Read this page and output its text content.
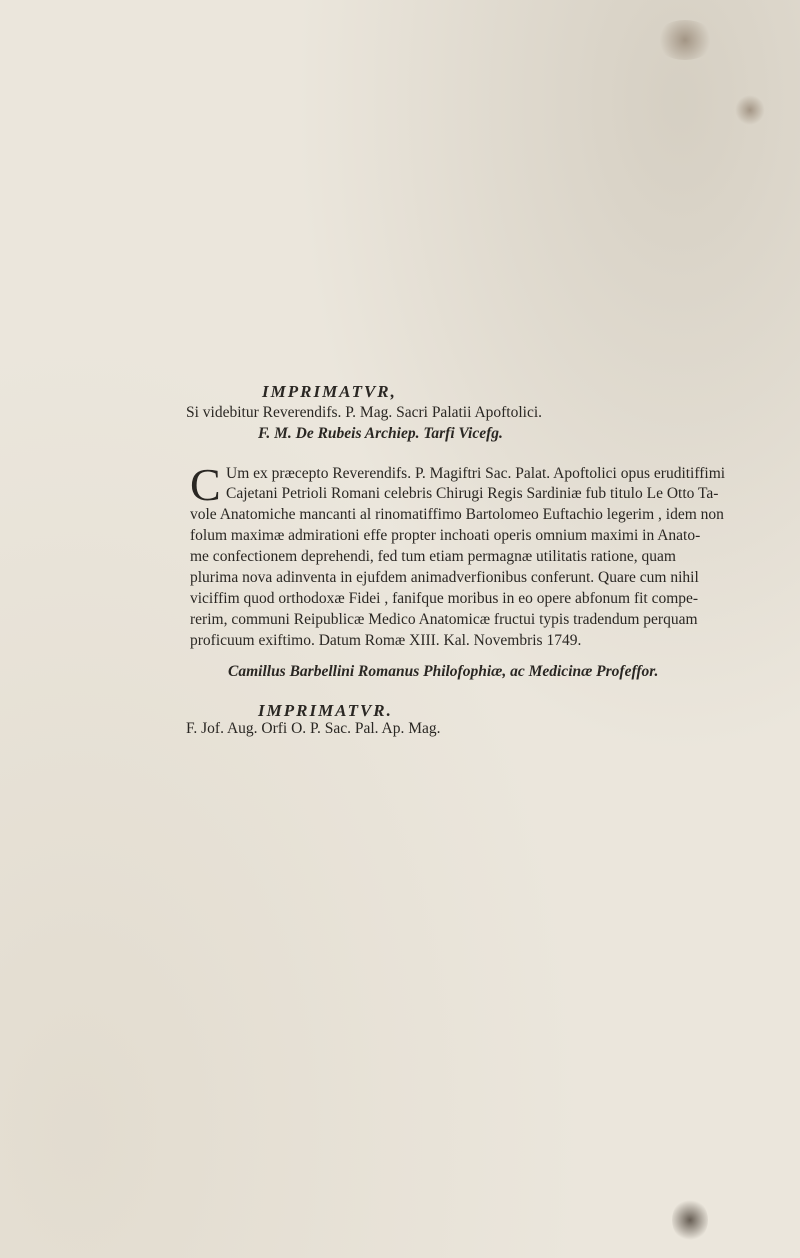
IMPRIMATVR,
Si videbitur Reverendifs. P. Mag. Sacri Palatii Apoftolici.
F. M. De Rubeis Archiep. Tarfi Vicefg.
C Um ex præcepto Reverendifs. P. Magiftri Sac. Palat. Apoftolici opus eruditiffimi
Cajetani Petrioli Romani celebris Chirugi Regis Sardiniæ fub titulo Le Otto Ta-
vole Anatomiche mancanti al rinomatiffimo Bartolomeo Euftachio legerim , idem non
folum maximæ admirationi effe propter inchoati operis omnium maximi in Anato-
me confectionem deprehendi, fed tum etiam permagnæ utilitatis ratione, quam
plurima nova adinventa in ejufdem animadverfionibus conferunt. Quare cum nihil
viciffim quod orthodoxæ Fidei , fanifque moribus in eo opere abfonum fit compe-
rerim, communi Reipublicæ Medico Anatomicæ fructui typis tradendum perquam
proficuum exiftimo. Datum Romæ XIII. Kal. Novembris 1749.
Camillus Barbellini Romanus Philofophiæ, ac Medicinæ Profeffor.
IMPRIMATVR.
F. Jof. Aug. Orfi O. P. Sac. Pal. Ap. Mag.
